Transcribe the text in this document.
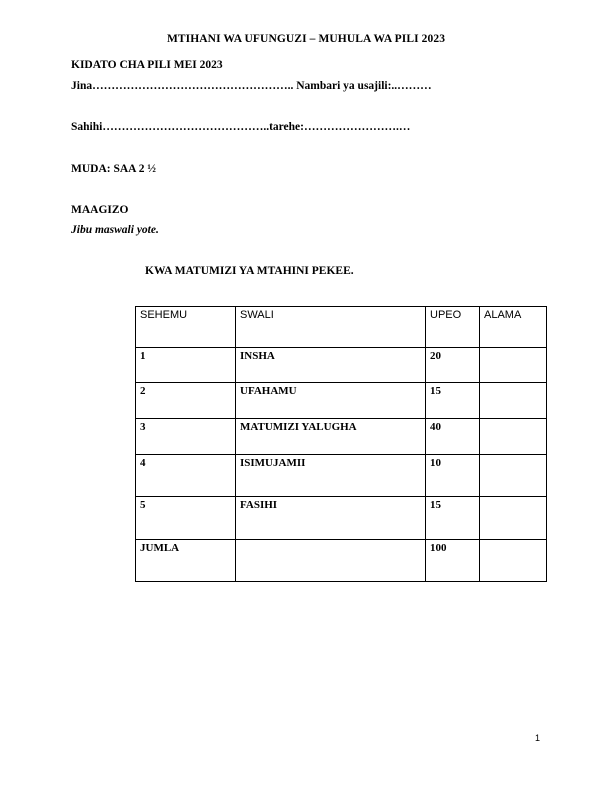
MTIHANI WA UFUNGUZI – MUHULA WA PILI 2023
KIDATO CHA PILI MEI 2023
Jina…………………………………………….. Nambari ya usajili:..………
Sahihi……………………………………..tarehe:…………………….…
MUDA: SAA 2 ½
MAAGIZO
Jibu maswali yote.
KWA MATUMIZI YA MTAHINI PEKEE.
SEHEMU	SWALI	UPEO	ALAMA
1	INSHA	20	
2	UFAHAMU	15	
3	MATUMIZI YALUGHA	40	
4	ISIMUJAMII	10	
5	FASIHI	15	
JUMLA		100	
1
